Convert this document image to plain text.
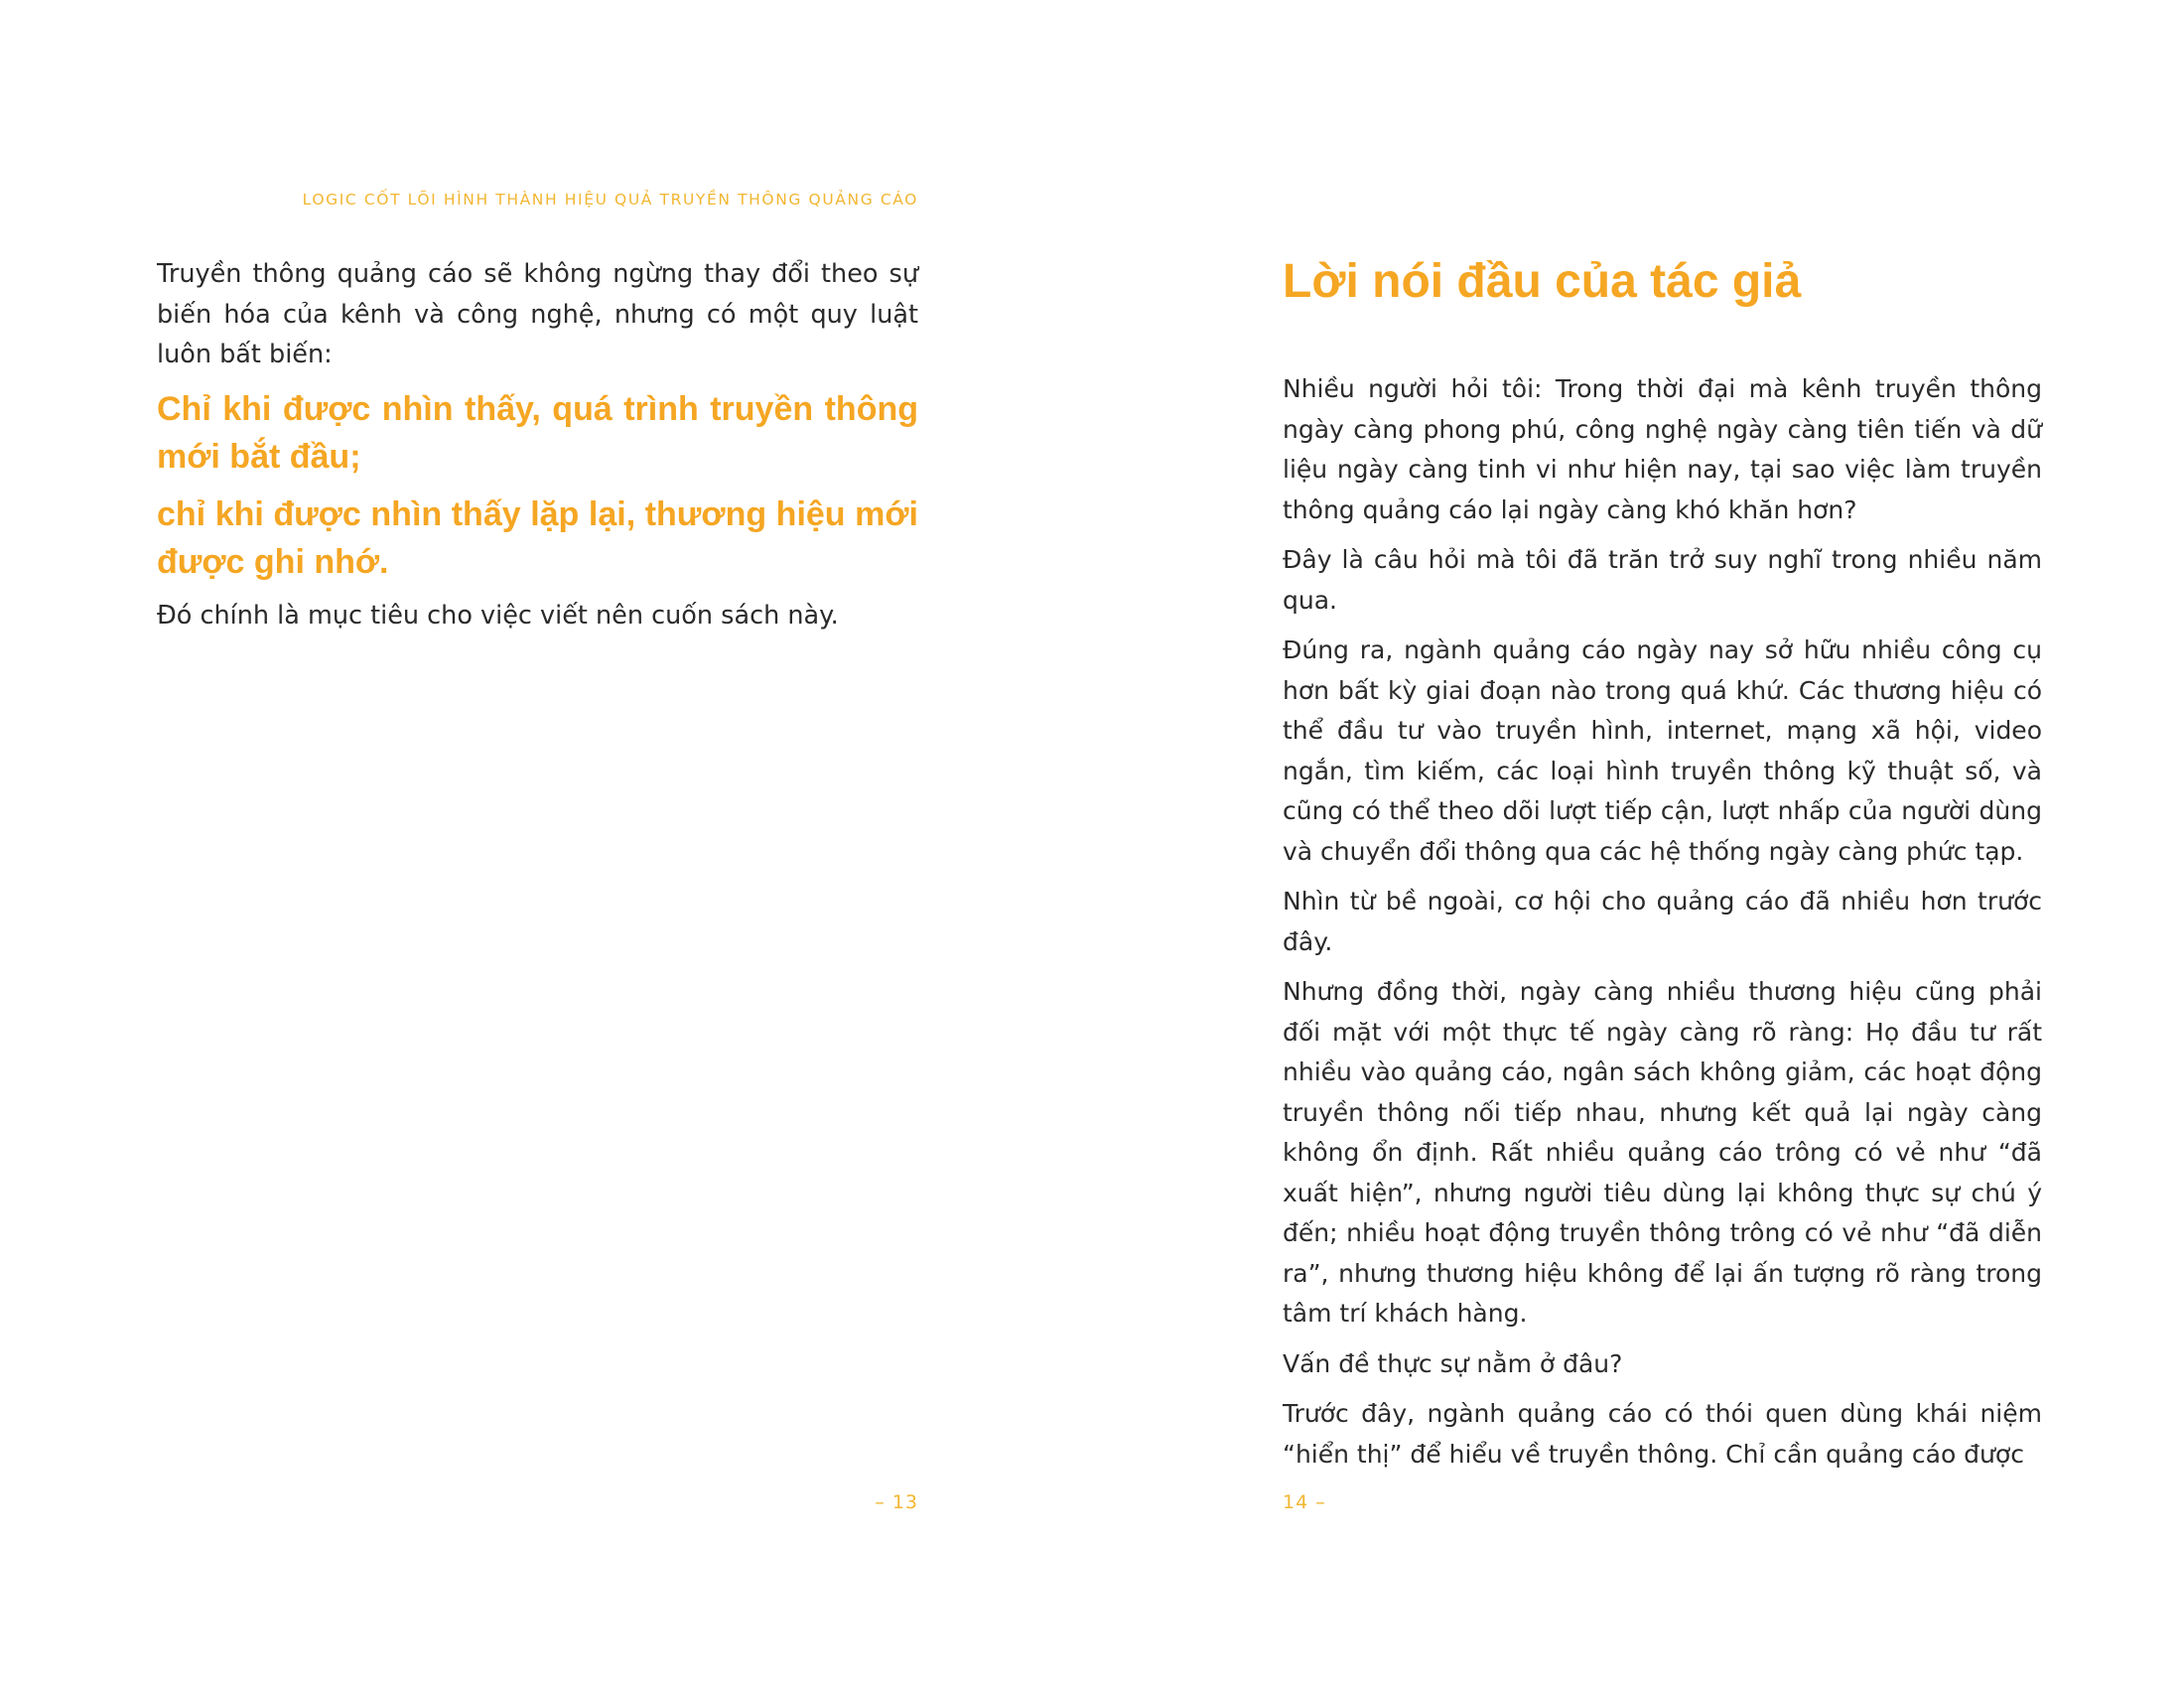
LOGIC CỐT LÕI HÌNH THÀNH HIỆU QUẢ TRUYỀN THÔNG QUẢNG CÁO

Truyền thông quảng cáo sẽ không ngừng thay đổi theo sự biến hóa của kênh và công nghệ, nhưng có một quy luật luôn bất biến:

Chỉ khi được nhìn thấy, quá trình truyền thông mới bắt đầu;

chỉ khi được nhìn thấy lặp lại, thương hiệu mới được ghi nhớ.

Đó chính là mục tiêu cho việc viết nên cuốn sách này.

– 13
Lời nói đầu của tác giả

Nhiều người hỏi tôi: Trong thời đại mà kênh truyền thông ngày càng phong phú, công nghệ ngày càng tiên tiến và dữ liệu ngày càng tinh vi như hiện nay, tại sao việc làm truyền thông quảng cáo lại ngày càng khó khăn hơn?

Đây là câu hỏi mà tôi đã trăn trở suy nghĩ trong nhiều năm qua.

Đúng ra, ngành quảng cáo ngày nay sở hữu nhiều công cụ hơn bất kỳ giai đoạn nào trong quá khứ. Các thương hiệu có thể đầu tư vào truyền hình, internet, mạng xã hội, video ngắn, tìm kiếm, các loại hình truyền thông kỹ thuật số, và cũng có thể theo dõi lượt tiếp cận, lượt nhấp của người dùng và chuyển đổi thông qua các hệ thống ngày càng phức tạp.

Nhìn từ bề ngoài, cơ hội cho quảng cáo đã nhiều hơn trước đây.

Nhưng đồng thời, ngày càng nhiều thương hiệu cũng phải đối mặt với một thực tế ngày càng rõ ràng: Họ đầu tư rất nhiều vào quảng cáo, ngân sách không giảm, các hoạt động truyền thông nối tiếp nhau, nhưng kết quả lại ngày càng không ổn định. Rất nhiều quảng cáo trông có vẻ như “đã xuất hiện”, nhưng người tiêu dùng lại không thực sự chú ý đến; nhiều hoạt động truyền thông trông có vẻ như “đã diễn ra”, nhưng thương hiệu không để lại ấn tượng rõ ràng trong tâm trí khách hàng.

Vấn đề thực sự nằm ở đâu?

Trước đây, ngành quảng cáo có thói quen dùng khái niệm “hiển thị” để hiểu về truyền thông. Chỉ cần quảng cáo được

14 –
